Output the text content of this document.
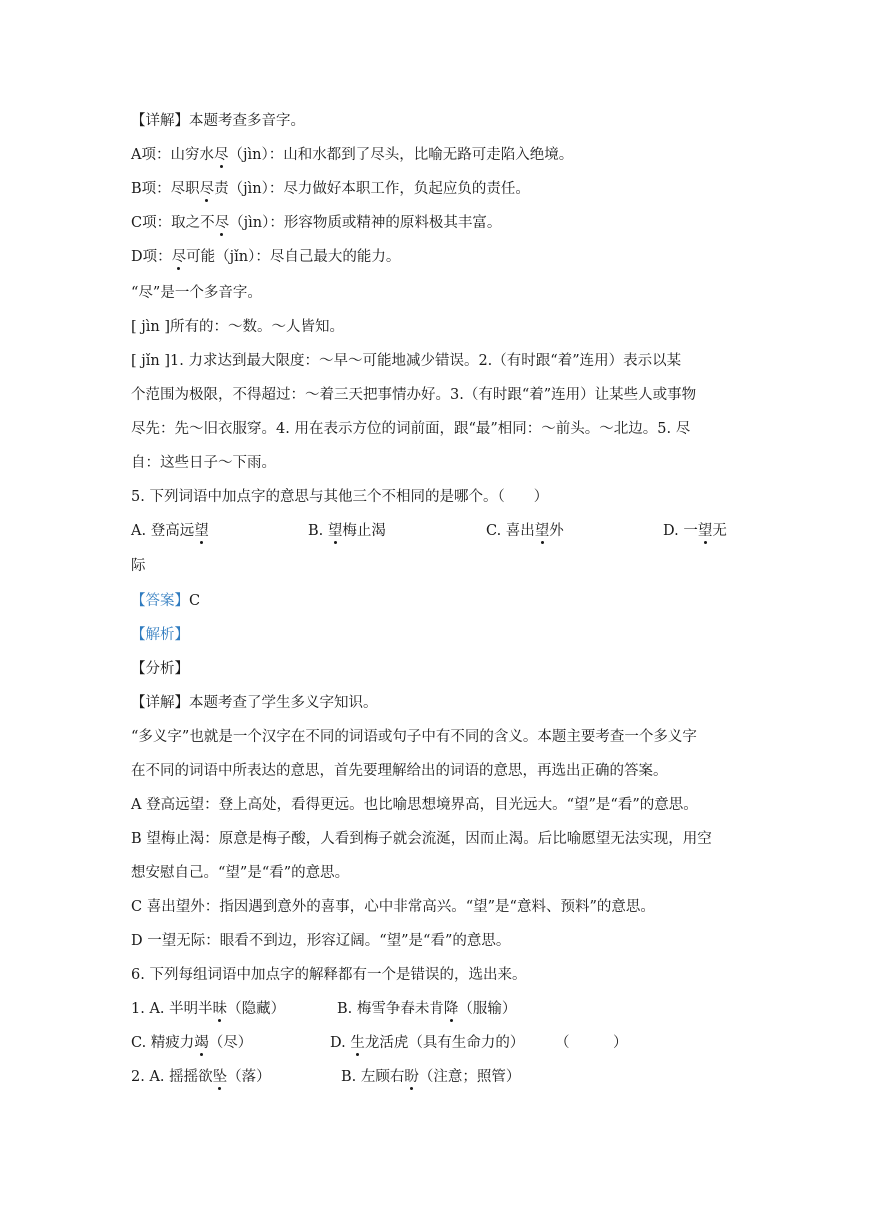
【详解】本题考查多音字。
A项：山穷水尽（jìn）：山和水都到了尽头，比喻无路可走陷入绝境。
B项：尽职尽责（jìn）：尽力做好本职工作，负起应负的责任。
C项：取之不尽（jìn）：形容物质或精神的原料极其丰富。
D项：尽可能（jǐn）：尽自己最大的能力。
“尽”是一个多音字。
[ jìn ]所有的：～数。～人皆知。
[ jǐn ]1. 力求达到最大限度：～早～可能地减少错误。2.（有时跟“着”连用）表示以某
个范围为极限，不得超过：～着三天把事情办好。3.（有时跟“着”连用）让某些人或事物
尽先：先～旧衣服穿。4. 用在表示方位的词前面，跟“最”相同：～前头。～北边。5. 尽
自：这些日子～下雨。
5. 下列词语中加点字的意思与其他三个不相同的是哪个。（　　）
A. 登高远望	B. 望梅止渴	C. 喜出望外	D. 一望无
际
【答案】C
【解析】
【分析】
【详解】本题考查了学生多义字知识。
“多义字”也就是一个汉字在不同的词语或句子中有不同的含义。本题主要考查一个多义字
在不同的词语中所表达的意思，首先要理解给出的词语的意思，再选出正确的答案。
A 登高远望：登上高处，看得更远。也比喻思想境界高，目光远大。“望”是“看”的意思。
B 望梅止渴：原意是梅子酸，人看到梅子就会流涎，因而止渴。后比喻愿望无法实现，用空
想安慰自己。“望”是“看”的意思。
C 喜出望外：指因遇到意外的喜事，心中非常高兴。“望”是“意料、预料”的意思。
D 一望无际：眼看不到边，形容辽阔。“望”是“看”的意思。
6. 下列每组词语中加点字的解释都有一个是错误的，选出来。
1. A. 半明半昧（隐藏）	B. 梅雪争春未肯降（服输）
C. 精疲力竭（尽）	D. 生龙活虎（具有生命力的） （　　　）
2. A. 摇摇欲坠（落）	B. 左顾右盼（注意；照管）
